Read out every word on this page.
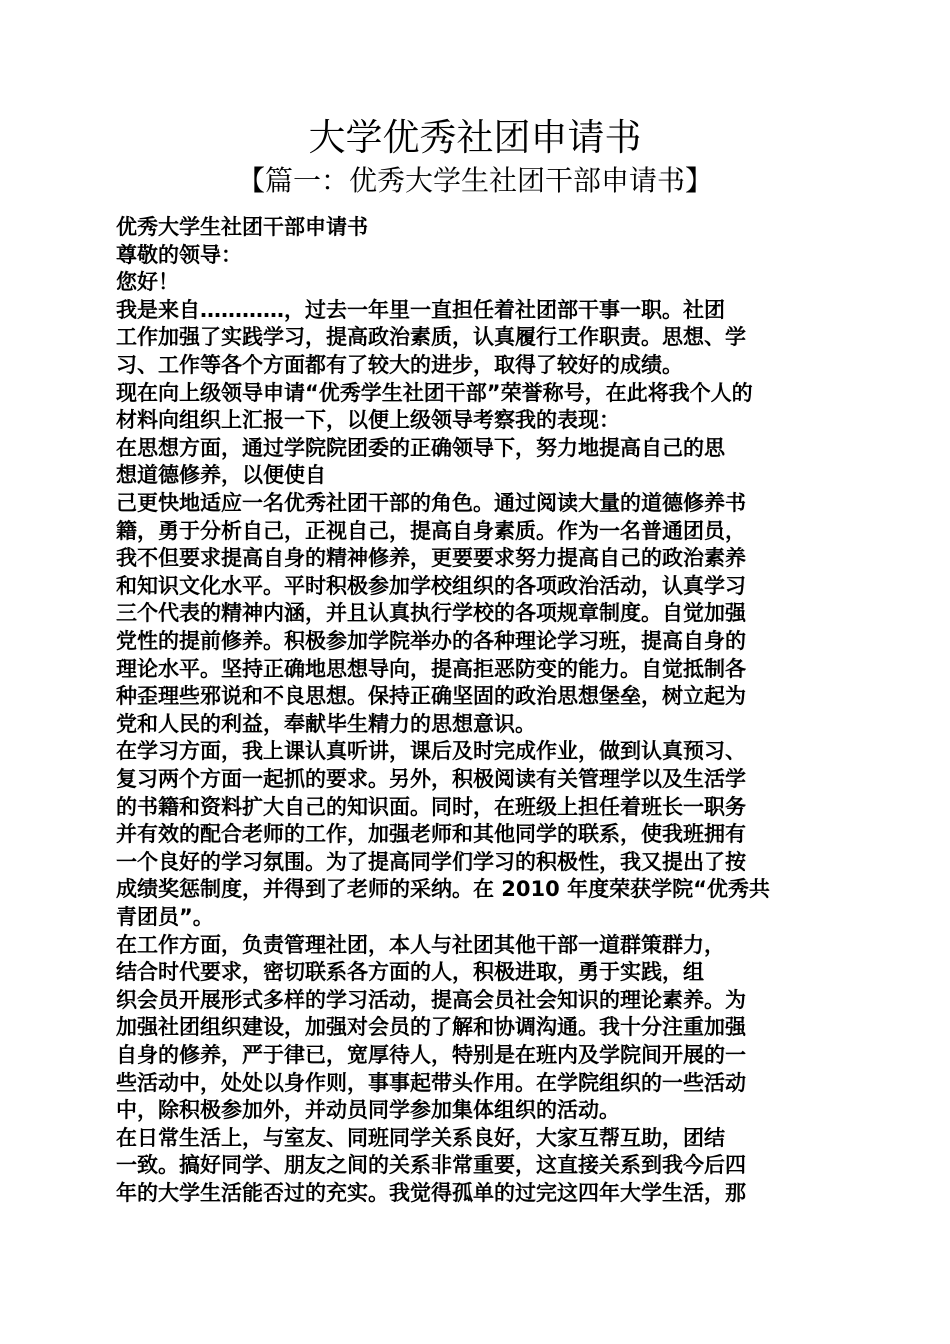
大学优秀社团申请书
【篇一：优秀大学生社团干部申请书】
优秀大学生社团干部申请书
尊敬的领导：
您好！
我是来自…………，过去一年里一直担任着社团部干事一职。社团
工作加强了实践学习，提高政治素质，认真履行工作职责。思想、学
习、工作等各个方面都有了较大的进步，取得了较好的成绩。
现在向上级领导申请“优秀学生社团干部”荣誉称号，在此将我个人的
材料向组织上汇报一下，以便上级领导考察我的表现：
在思想方面，通过学院院团委的正确领导下，努力地提高自己的思
想道德修养，以便使自
己更快地适应一名优秀社团干部的角色。通过阅读大量的道德修养书
籍，勇于分析自己，正视自己，提高自身素质。作为一名普通团员，
我不但要求提高自身的精神修养，更要要求努力提高自己的政治素养
和知识文化水平。平时积极参加学校组织的各项政治活动，认真学习
三个代表的精神内涵，并且认真执行学校的各项规章制度。自觉加强
党性的提前修养。积极参加学院举办的各种理论学习班，提高自身的
理论水平。坚持正确地思想导向，提高拒恶防变的能力。自觉抵制各
种歪理些邪说和不良思想。保持正确坚固的政治思想堡垒，树立起为
党和人民的利益，奉献毕生精力的思想意识。
在学习方面，我上课认真听讲，课后及时完成作业，做到认真预习、
复习两个方面一起抓的要求。另外，积极阅读有关管理学以及生活学
的书籍和资料扩大自己的知识面。同时，在班级上担任着班长一职务
并有效的配合老师的工作，加强老师和其他同学的联系，使我班拥有
一个良好的学习氛围。为了提高同学们学习的积极性，我又提出了按
成绩奖惩制度，并得到了老师的采纳。在 2010 年度荣获学院“优秀共
青团员”。
在工作方面，负责管理社团，本人与社团其他干部一道群策群力，
结合时代要求，密切联系各方面的人，积极进取，勇于实践，组
织会员开展形式多样的学习活动，提高会员社会知识的理论素养。为
加强社团组织建设，加强对会员的了解和协调沟通。我十分注重加强
自身的修养，严于律已，宽厚待人，特别是在班内及学院间开展的一
些活动中，处处以身作则，事事起带头作用。在学院组织的一些活动
中，除积极参加外，并动员同学参加集体组织的活动。
在日常生活上，与室友、同班同学关系良好，大家互帮互助，团结
一致。搞好同学、朋友之间的关系非常重要，这直接关系到我今后四
年的大学生活能否过的充实。我觉得孤单的过完这四年大学生活，那
